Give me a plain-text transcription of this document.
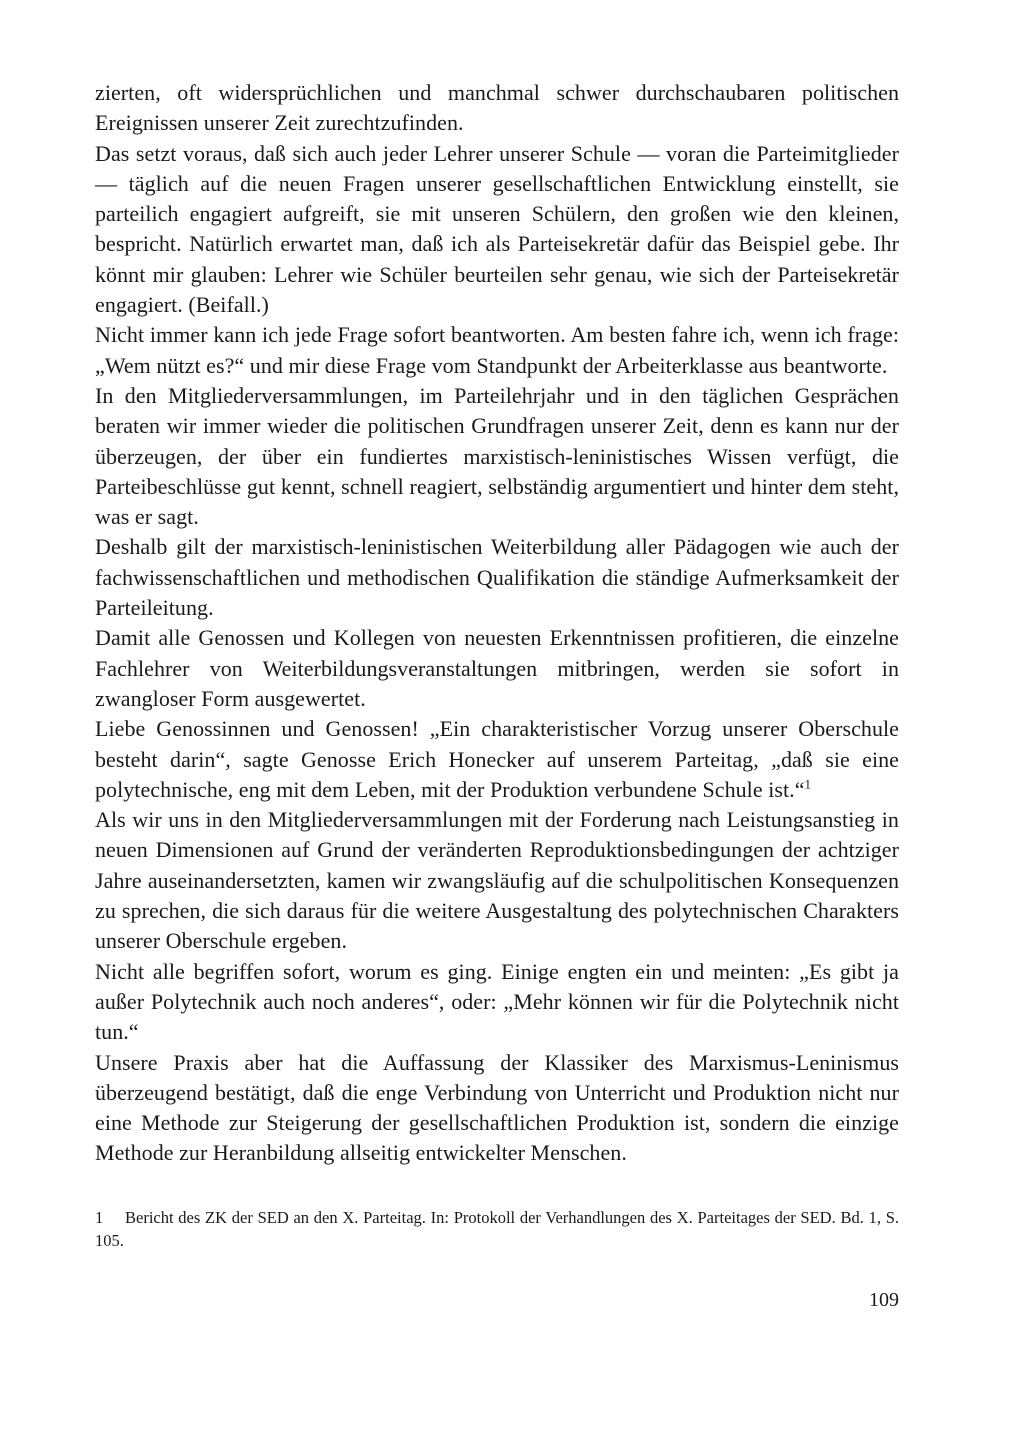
zierten, oft widersprüchlichen und manchmal schwer durchschaubaren politischen Ereignissen unserer Zeit zurechtzufinden.

Das setzt voraus, daß sich auch jeder Lehrer unserer Schule — voran die Parteimitglieder — täglich auf die neuen Fragen unserer gesellschaftlichen Entwicklung einstellt, sie parteilich engagiert aufgreift, sie mit unseren Schülern, den großen wie den kleinen, bespricht. Natürlich erwartet man, daß ich als Parteisekretär dafür das Beispiel gebe. Ihr könnt mir glauben: Lehrer wie Schüler beurteilen sehr genau, wie sich der Parteisekretär engagiert. (Beifall.)

Nicht immer kann ich jede Frage sofort beantworten. Am besten fahre ich, wenn ich frage: „Wem nützt es?“ und mir diese Frage vom Standpunkt der Arbeiterklasse aus beantworte.

In den Mitgliederversammlungen, im Parteilehrjahr und in den täglichen Gesprächen beraten wir immer wieder die politischen Grundfragen unserer Zeit, denn es kann nur der überzeugen, der über ein fundiertes marxistisch-leninistisches Wissen verfügt, die Parteibeschlüsse gut kennt, schnell reagiert, selbständig argumentiert und hinter dem steht, was er sagt.

Deshalb gilt der marxistisch-leninistischen Weiterbildung aller Pädagogen wie auch der fachwissenschaftlichen und methodischen Qualifikation die ständige Aufmerksamkeit der Parteileitung.

Damit alle Genossen und Kollegen von neuesten Erkenntnissen profitieren, die einzelne Fachlehrer von Weiterbildungsveranstaltungen mitbringen, werden sie sofort in zwangloser Form ausgewertet.

Liebe Genossinnen und Genossen! „Ein charakteristischer Vorzug unserer Oberschule besteht darin“, sagte Genosse Erich Honecker auf unserem Parteitag, „daß sie eine polytechnische, eng mit dem Leben, mit der Produktion verbundene Schule ist.“$^1$

Als wir uns in den Mitgliederversammlungen mit der Forderung nach Leistungsanstieg in neuen Dimensionen auf Grund der veränderten Reproduktionsbedingungen der achtziger Jahre auseinandersetzten, kamen wir zwangsläufig auf die schulpolitischen Konsequenzen zu sprechen, die sich daraus für die weitere Ausgestaltung des polytechnischen Charakters unserer Oberschule ergeben.

Nicht alle begriffen sofort, worum es ging. Einige engten ein und meinten: „Es gibt ja außer Polytechnik auch noch anderes“, oder: „Mehr können wir für die Polytechnik nicht tun.“

Unsere Praxis aber hat die Auffassung der Klassiker des Marxismus-Leninismus überzeugend bestätigt, daß die enge Verbindung von Unterricht und Produktion nicht nur eine Methode zur Steigerung der gesellschaftlichen Produktion ist, sondern die einzige Methode zur Heranbildung allseitig entwickelter Menschen.

1 Bericht des ZK der SED an den X. Parteitag. In: Protokoll der Verhandlungen des X. Parteitages der SED. Bd. 1, S. 105.
109
